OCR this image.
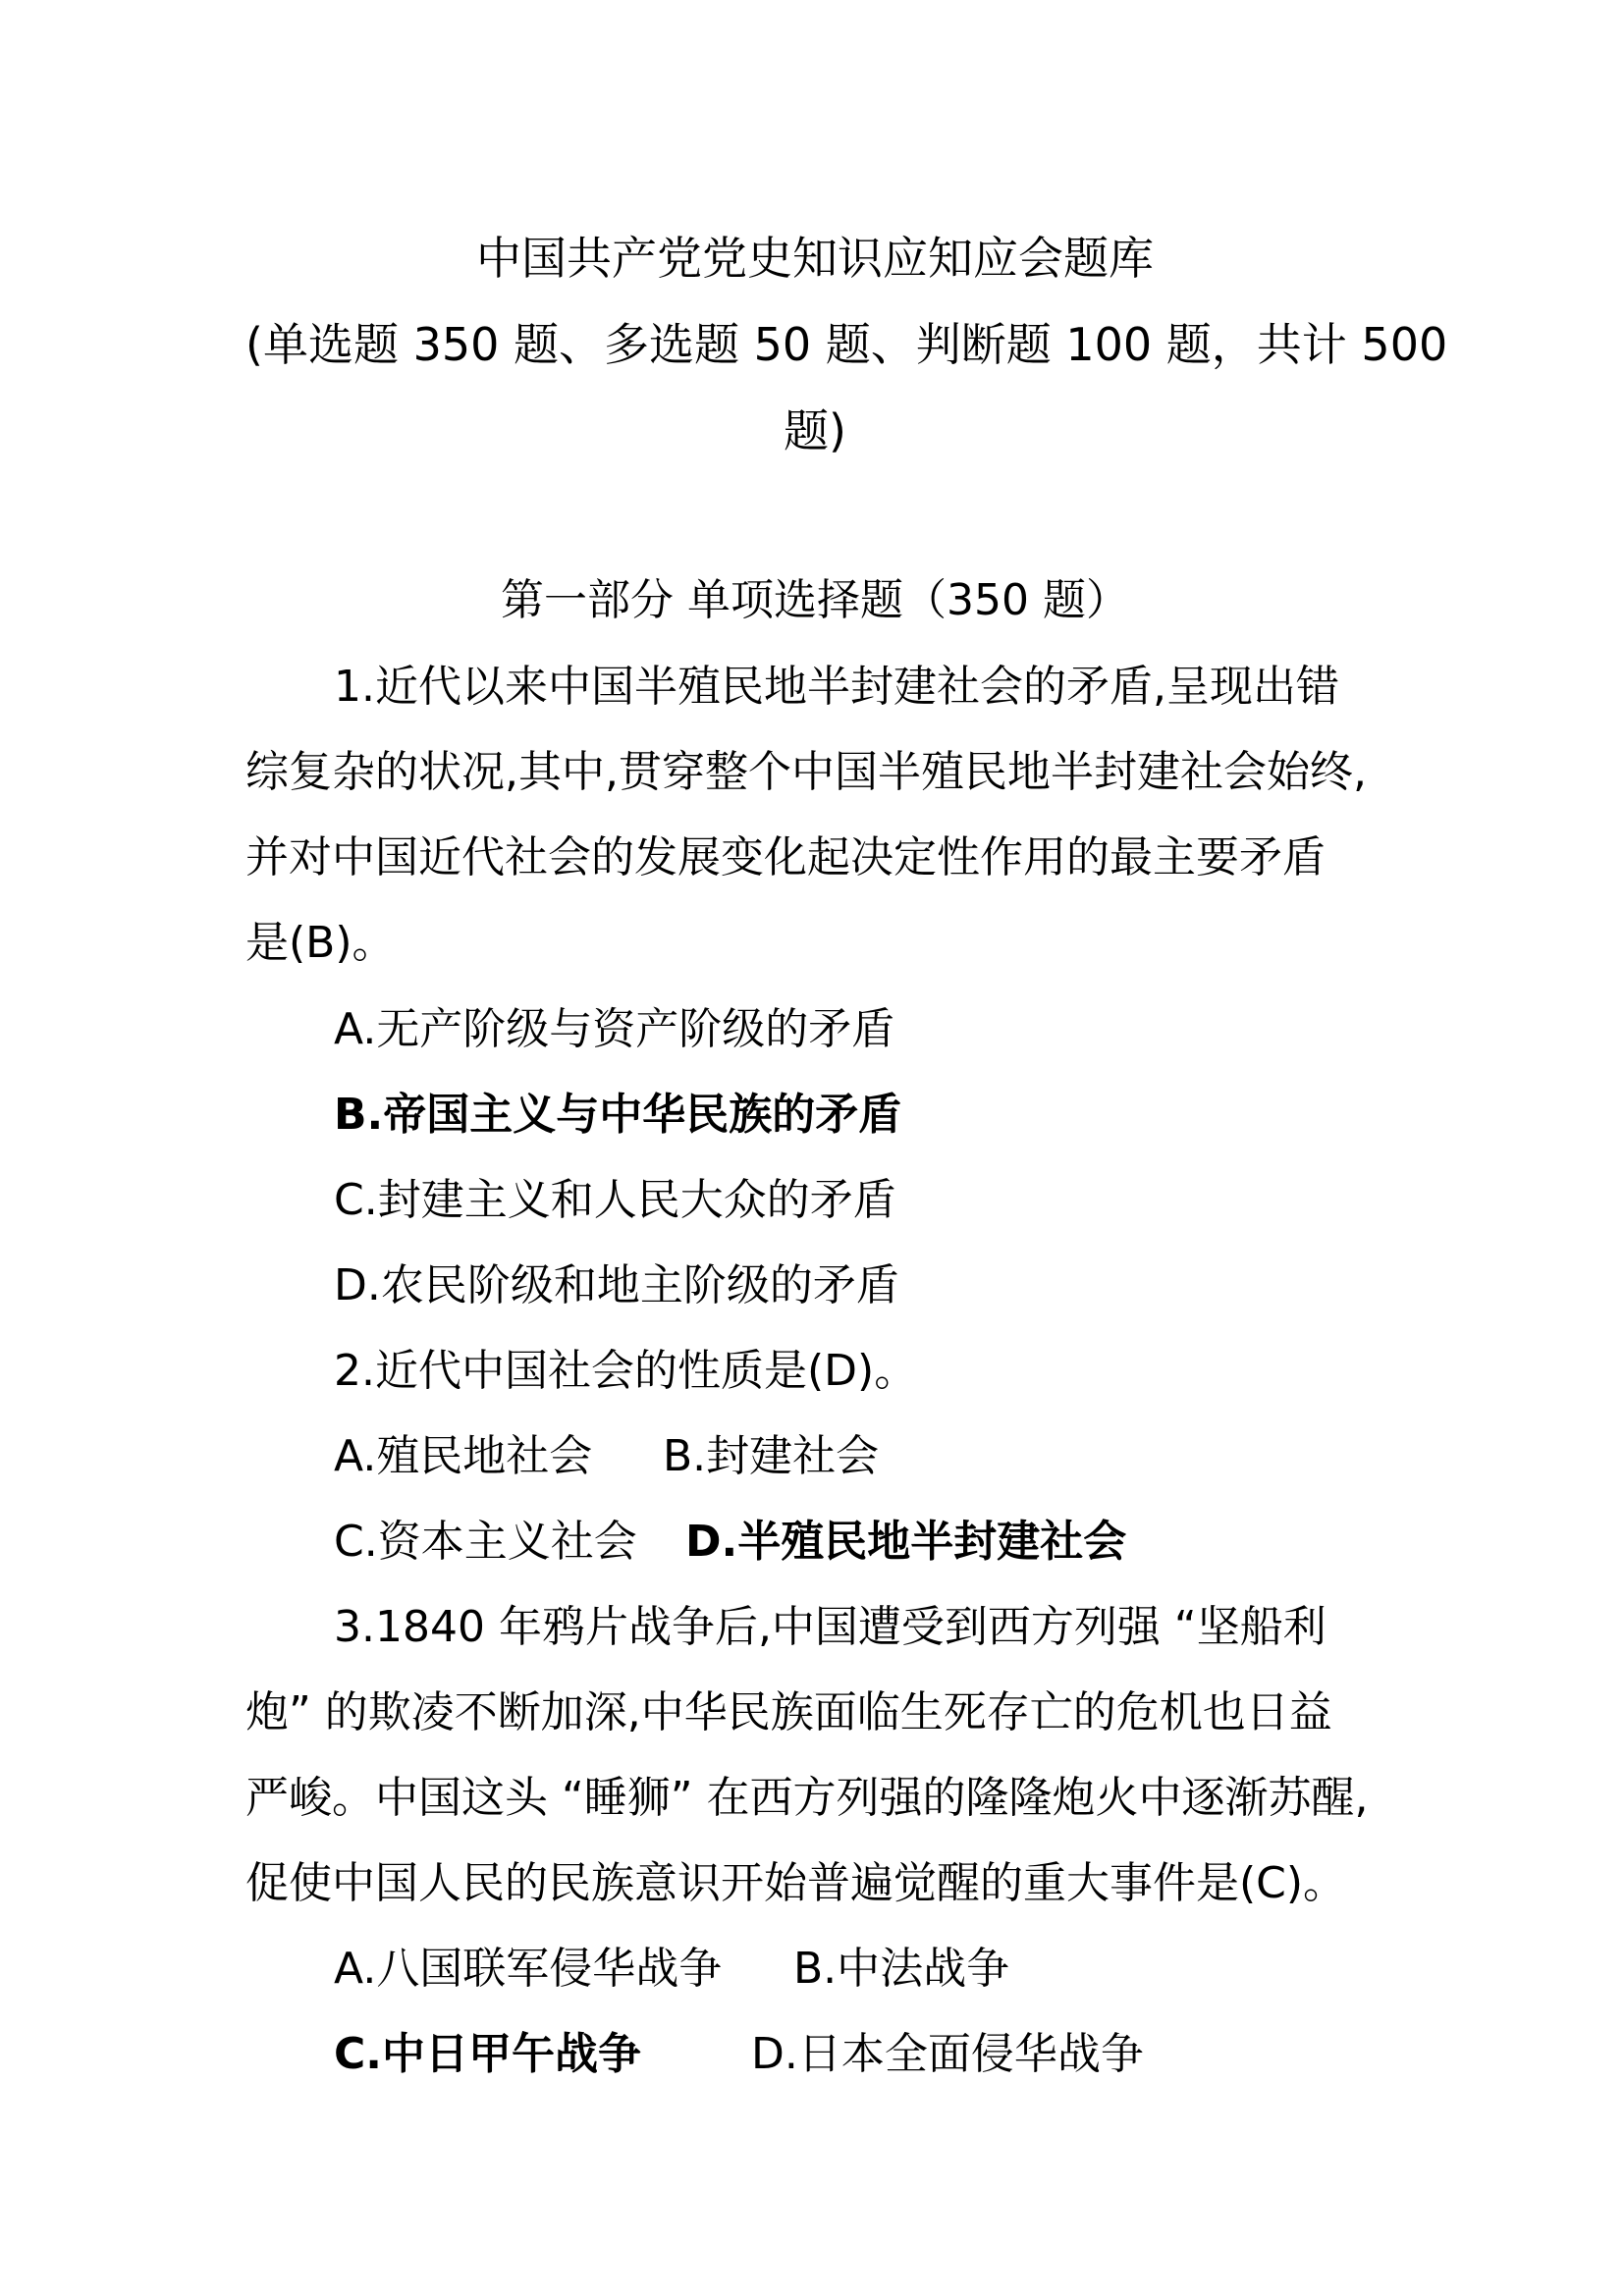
中国共产党党史知识应知应会题库
(单选题 350 题、多选题 50 题、判断题 100 题，共计 500
题)
第一部分 单项选择题（350 题）
1.近代以来中国半殖民地半封建社会的矛盾,呈现出错
综复杂的状况,其中,贯穿整个中国半殖民地半封建社会始终,
并对中国近代社会的发展变化起决定性作用的最主要矛盾
是(B)。
A.无产阶级与资产阶级的矛盾
B.帝国主义与中华民族的矛盾
C.封建主义和人民大众的矛盾
D.农民阶级和地主阶级的矛盾
2.近代中国社会的性质是(D)。
A.殖民地社会 B.封建社会
C.资本主义社会 D.半殖民地半封建社会
3.1840 年鸦片战争后,中国遭受到西方列强 “坚船利
炮” 的欺凌不断加深,中华民族面临生死存亡的危机也日益
严峻。中国这头 “睡狮” 在西方列强的隆隆炮火中逐渐苏醒,
促使中国人民的民族意识开始普遍觉醒的重大事件是(C)。
A.八国联军侵华战争 B.中法战争
C.中日甲午战争	D.日本全面侵华战争
